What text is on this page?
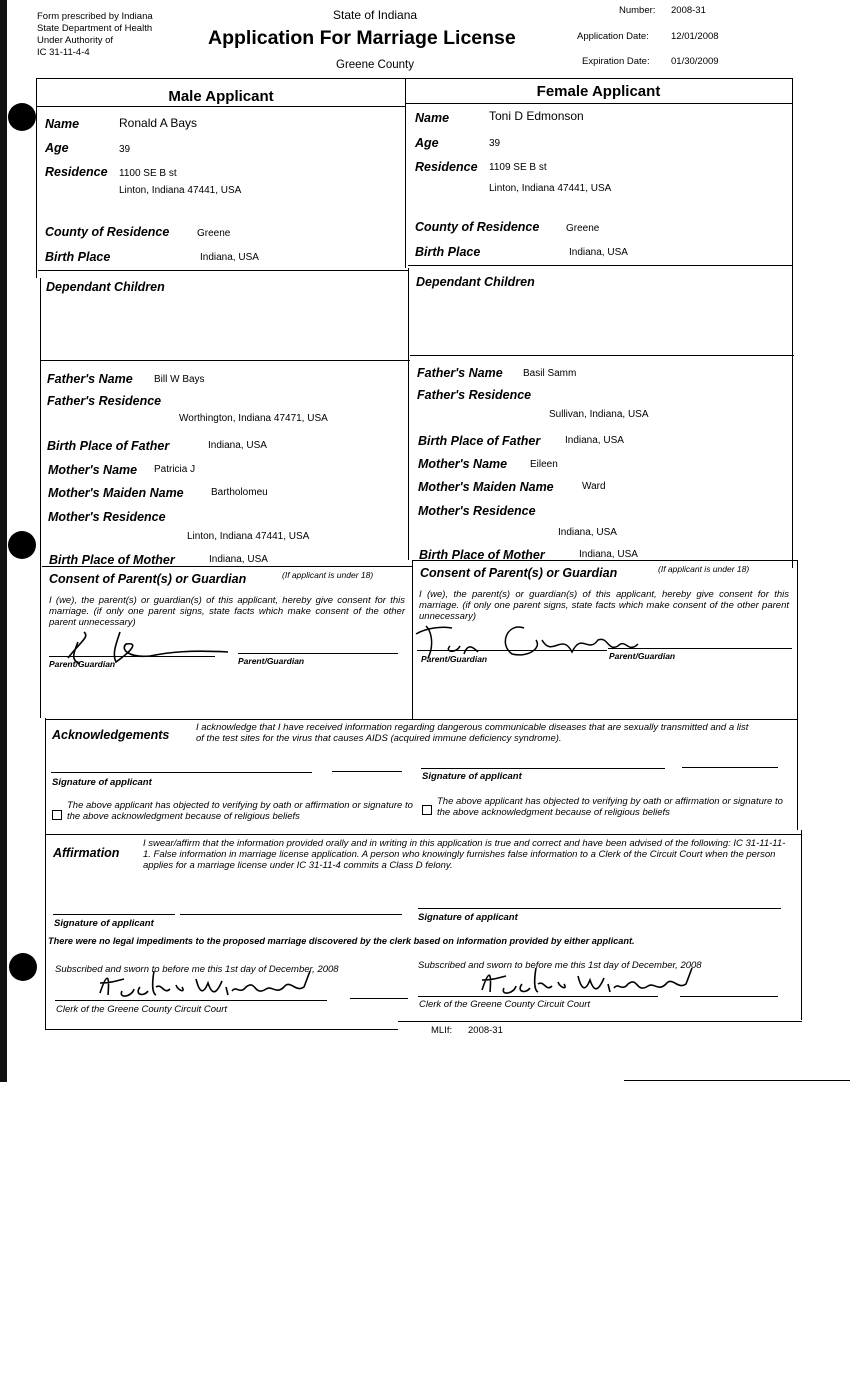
Form prescribed by Indiana
State Department of Health
Under Authority of
IC 31-11-4-4
State of Indiana
Application For Marriage License
Greene County
Number: 2008-31
Application Date: 12/01/2008
Expiration Date: 01/30/2009
Male Applicant	Female Applicant
Name	Ronald A Bays
Age	39
Residence 1100 SE B st
Linton, Indiana 47441, USA
County of Residence	Greene
Birth Place	Indiana, USA
Dependant Children
Father's Name Bill W Bays
Father's Residence
Worthington, Indiana 47471, USA
Birth Place of Father	Indiana, USA
Mother's Name Patricia J
Mother's Maiden Name	Bartholomeu
Mother's Residence
Linton, Indiana 47441, USA
Birth Place of Mother	Indiana, USA
Consent of Parent(s) or Guardian	(If applicant is under 18)
I (we), the parent(s) or guardian(s) of this applicant, hereby give consent for this marriage. (if only one parent signs, state facts which make consent of the other parent unnecessary)
Parent/Guardian	Parent/Guardian
Name	Toni D Edmonson
Age	39
Residence 1109 SE B st
Linton, Indiana 47441, USA
County of Residence	Greene
Birth Place	Indiana, USA
Dependant Children
Father's Name Basil Samm
Father's Residence
Sullivan, Indiana, USA
Birth Place of Father Indiana, USA
Mother's Name Eileen
Mother's Maiden Name	Ward
Mother's Residence
Indiana, USA
Birth Place of Mother	Indiana, USA
Consent of Parent(s) or Guardian	(If applicant is under 18)
I (we), the parent(s) or guardian(s) of this applicant, hereby give consent for this marriage. (if only one parent signs, state facts which make consent of the other parent unnecessary)
Parent/Guardian	Parent/Guardian
Acknowledgements
I acknowledge that I have received information regarding dangerous communicable diseases that are sexually transmitted and a list of the test sites for the virus that causes AIDS (acquired immune deficiency syndrome).
Signature of applicant
Signature of applicant
The above applicant has objected to verifying by oath or affirmation or signature to the above acknowledgment because of religious beliefs
The above applicant has objected to verifying by oath or affirmation or signature to the above acknowledgment because of religious beliefs
Affirmation
I swear/affirm that the information provided orally and in writing in this application is true and correct and have been advised of the following: IC 31-11-11-1. False information in marriage license application. A person who knowingly furnishes false information to a Clerk of the Circuit Court when the person applies for a marriage license under IC 31-11-4 commits a Class D felony.
Signature of applicant
Signature of applicant
There were no legal impediments to the proposed marriage discovered by the clerk based on information provided by either applicant.
Subscribed and sworn to before me this 1st day of December, 2008	Subscribed and sworn to before me this 1st day of December, 2008
Clerk of the Greene County Circuit Court	Clerk of the Greene County Circuit Court
MLIf: 2008-31
